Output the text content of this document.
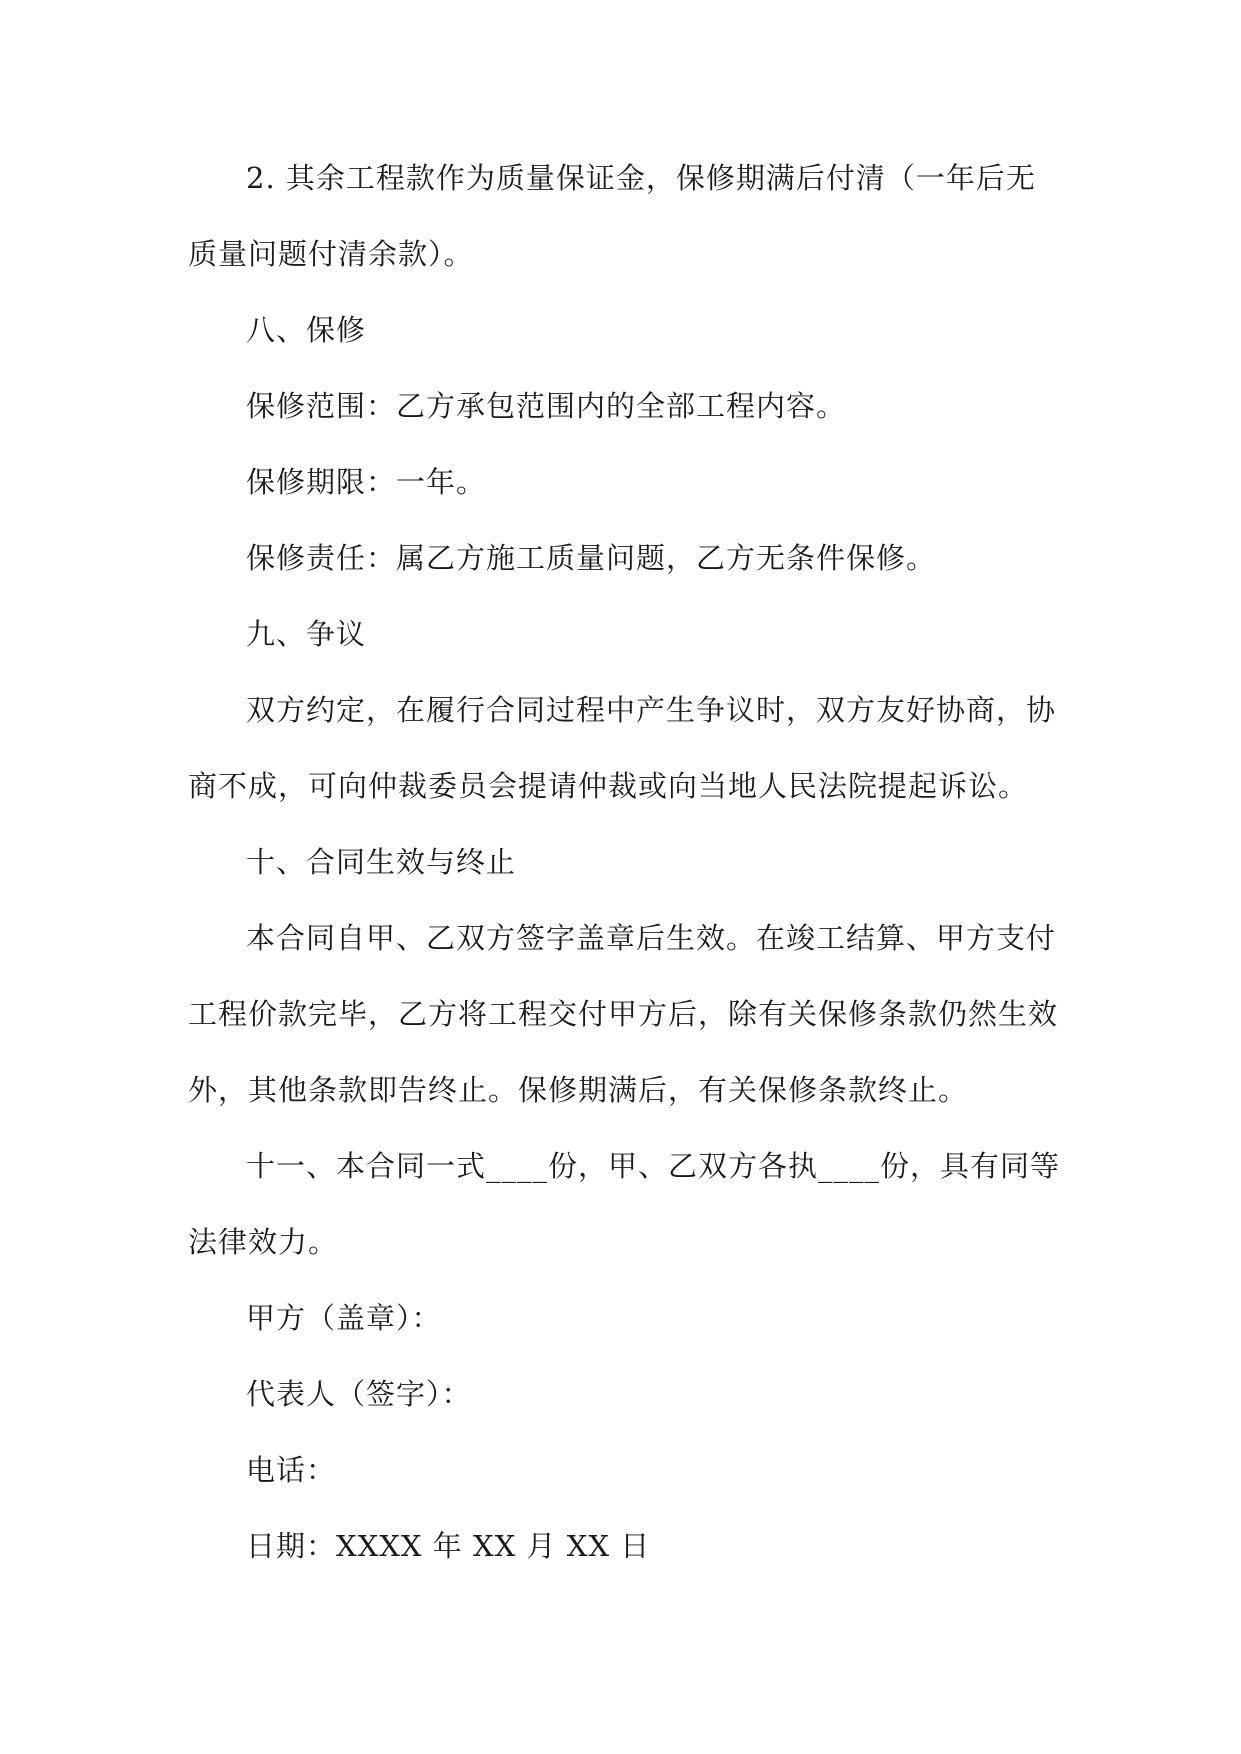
2. 其余工程款作为质量保证金，保修期满后付清（一年后无质量问题付清余款）。

八、保修

保修范围：乙方承包范围内的全部工程内容。

保修期限：一年。

保修责任：属乙方施工质量问题，乙方无条件保修。

九、争议

双方约定，在履行合同过程中产生争议时，双方友好协商，协商不成，可向仲裁委员会提请仲裁或向当地人民法院提起诉讼。

十、合同生效与终止

本合同自甲、乙双方签字盖章后生效。在竣工结算、甲方支付工程价款完毕，乙方将工程交付甲方后，除有关保修条款仍然生效外，其他条款即告终止。保修期满后，有关保修条款终止。

十一、本合同一式____份，甲、乙双方各执____份，具有同等法律效力。

甲方（盖章）：

代表人（签字）：

电话：

日期：XXXX 年 XX 月 XX 日
